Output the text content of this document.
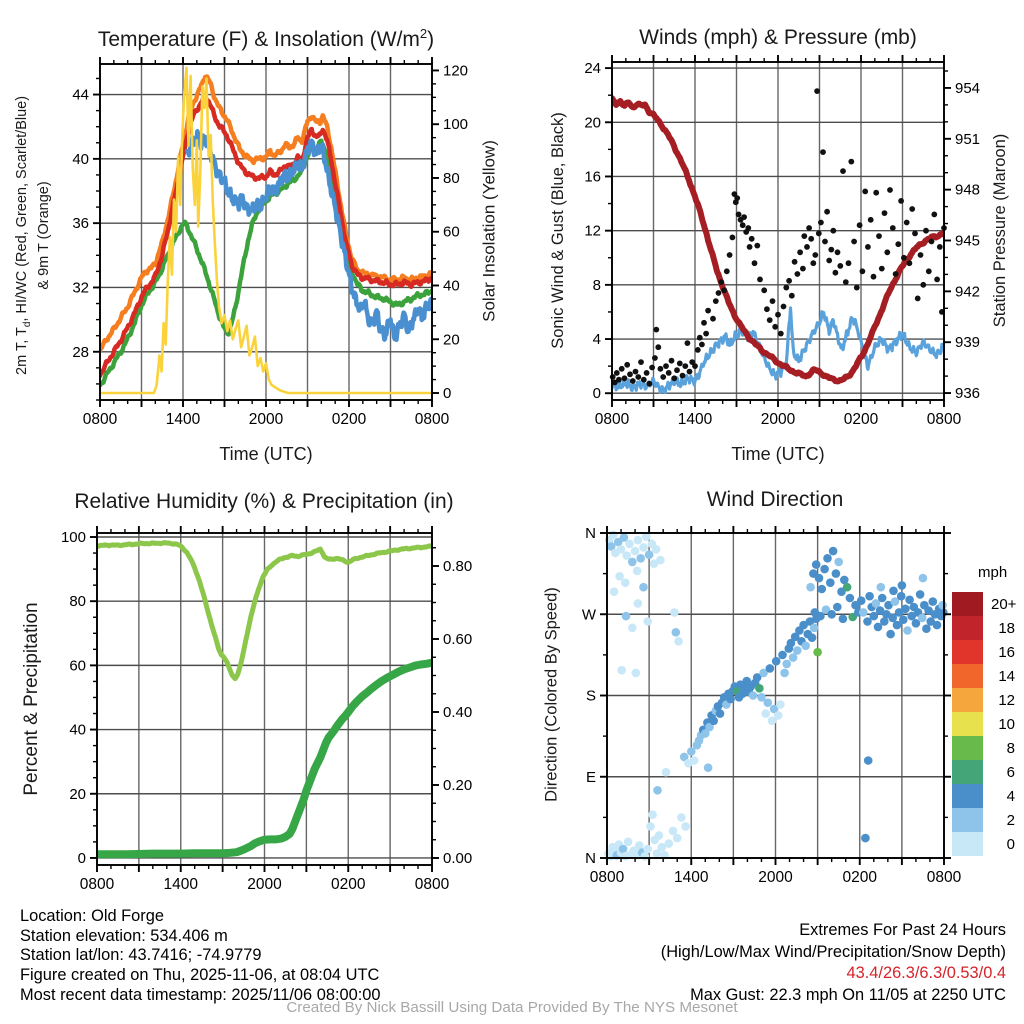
28
32
36
40
44
0
20
40
60
80
100
120
0800	1400	2000	0200	0800
0
4
8
12
16
20
24
936
939
942
945
948
951
954
0800	1400	2000	0200	0800
0
20
40
60
80
100
0.00
0.20
0.40
0.60
0.80
0800	1400	2000	0200	0800
N
E
S
W
N
0800	1400	2000	0200	0800
Temperature (F) & Insolation $(W/m^2)$	Winds (mph) & Pressure (mb)
Relative Humidity (%) & Precipitation (in)	Wind Direction
2m T, $T_d$, HI/WC (Red, Green, Scarlet/Blue) & 9m T (Orange)	Solar Insolation (Yellow)	Sonic Wind & Gust (Blue, Black)	Station Pressure (Maroon)
Percent & Precipitation	Direction (Colored By Speed)
Time (UTC)	Time (UTC)
mph
20+
18
16
14
12
10
8
6
4
2
0
Location: Old Forge
Station elevation: 534.406 m
Station lat/lon: 43.7416; -74.9779
Figure created on Thu, 2025-11-06, at 08:04 UTC
Most recent data timestamp: 2025/11/06 08:00:00
Extremes For Past 24 Hours
(High/Low/Max Wind/Precipitation/Snow Depth)
43.4/26.3/6.3/0.53/0.4
Max Gust: 22.3 mph On 11/05 at 2250 UTC
Created By Nick Bassill Using Data Provided By The NYS Mesonet
